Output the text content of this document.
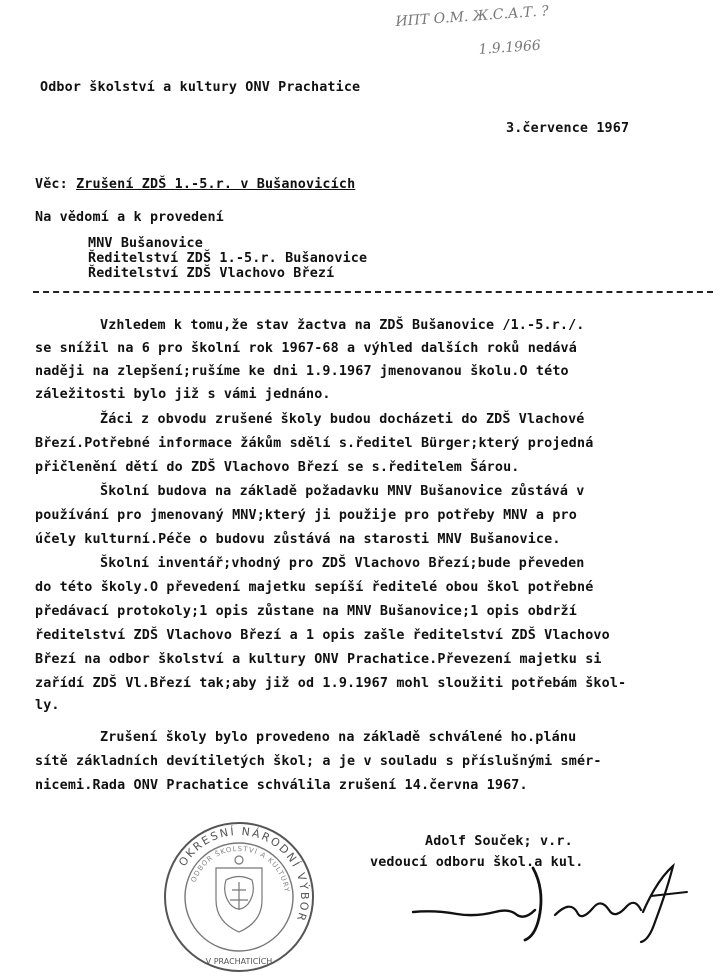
ИПТ О.М. Ж.С.А.Т. ?
1.9.1966
Odbor školství a kultury ONV Prachatice
3.července 1967
Věc: Zrušení ZDŠ 1.-5.r. v Bušanovicích
Na vědomí a k provedení
MNV Bušanovice
Ředitelství ZDŠ 1.-5.r. Bušanovice
Ředitelství ZDŠ Vlachovo Březí
Vzhledem k tomu,že stav žactva na ZDŠ Bušanovice /1.-5.r./.
se snížil na 6 pro školní rok 1967-68 a výhled dalších roků nedává
naději na zlepšení;rušíme ke dni 1.9.1967 jmenovanou školu.O této
záležitosti bylo již s vámi jednáno.
Žáci z obvodu zrušené školy budou docházeti do ZDŠ Vlachové
Březí.Potřebné informace žákům sdělí s.ředitel Bürger;který projedná
přičlenění dětí do ZDŠ Vlachovo Březí se s.ředitelem Šárou.
Školní budova na základě požadavku MNV Bušanovice zůstává v
používání pro jmenovaný MNV;který ji použije pro potřeby MNV a pro
účely kulturní.Péče o budovu zůstává na starosti MNV Bušanovice.
Školní inventář;vhodný pro ZDŠ Vlachovo Březí;bude převeden
do této školy.O převedení majetku sepíší ředitelé obou škol potřebné
předávací protokoly;1 opis zůstane na MNV Bušanovice;1 opis obdrží
ředitelství ZDŠ Vlachovo Březí a 1 opis zašle ředitelství ZDŠ Vlachovo
Březí na odbor školství a kultury ONV Prachatice.Převezení majetku si
zařídí ZDŠ Vl.Březí tak;aby již od 1.9.1967 mohl sloužiti potřebám škol-
ly.
Zrušení školy bylo provedeno na základě schválené ho.plánu
sítě základních devítiletých škol; a je v souladu s příslušnými smér-
nicemi.Rada ONV Prachatice schválila zrušení 14.června 1967.
Adolf Souček; v.r.
vedoucí odboru škol.a kul.
OKRESNÍ NÁRODNÍ VÝBOR
ODBOR ŠKOLSTVÍ A KULTURY
V PRACHATICÍCH
